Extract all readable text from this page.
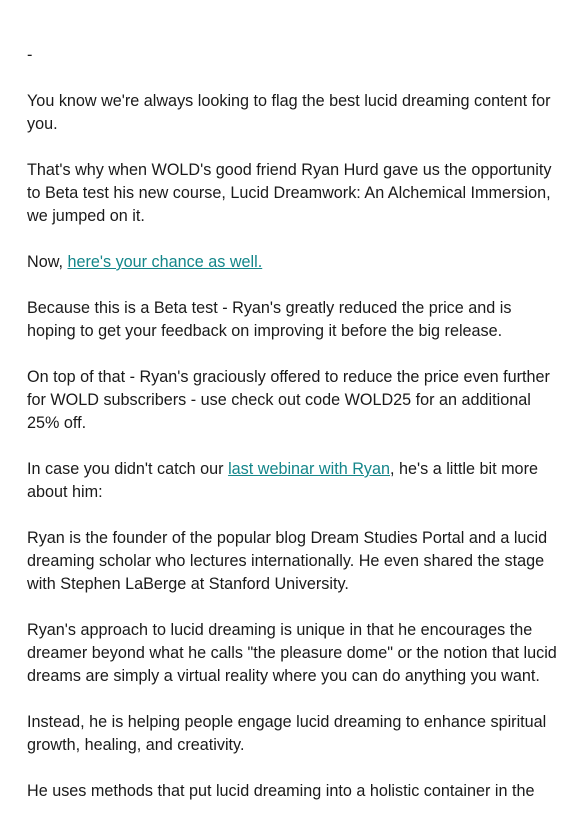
-

You know we're always looking to flag the best lucid dreaming content for you.

That's why when WOLD's good friend Ryan Hurd gave us the opportunity to Beta test his new course, Lucid Dreamwork: An Alchemical Immersion, we jumped on it.

Now, here's your chance as well.

Because this is a Beta test - Ryan's greatly reduced the price and is hoping to get your feedback on improving it before the big release.

On top of that - Ryan's graciously offered to reduce the price even further for WOLD subscribers - use check out code WOLD25 for an additional 25% off.

In case you didn't catch our last webinar with Ryan, he's a little bit more about him:

Ryan is the founder of the popular blog Dream Studies Portal and a lucid dreaming scholar who lectures internationally. He even shared the stage with Stephen LaBerge at Stanford University.

Ryan's approach to lucid dreaming is unique in that he encourages the dreamer beyond what he calls "the pleasure dome" or the notion that lucid dreams are simply a virtual reality where you can do anything you want.

Instead, he is helping people engage lucid dreaming to enhance spiritual growth, healing, and creativity.

He uses methods that put lucid dreaming into a holistic container in the
